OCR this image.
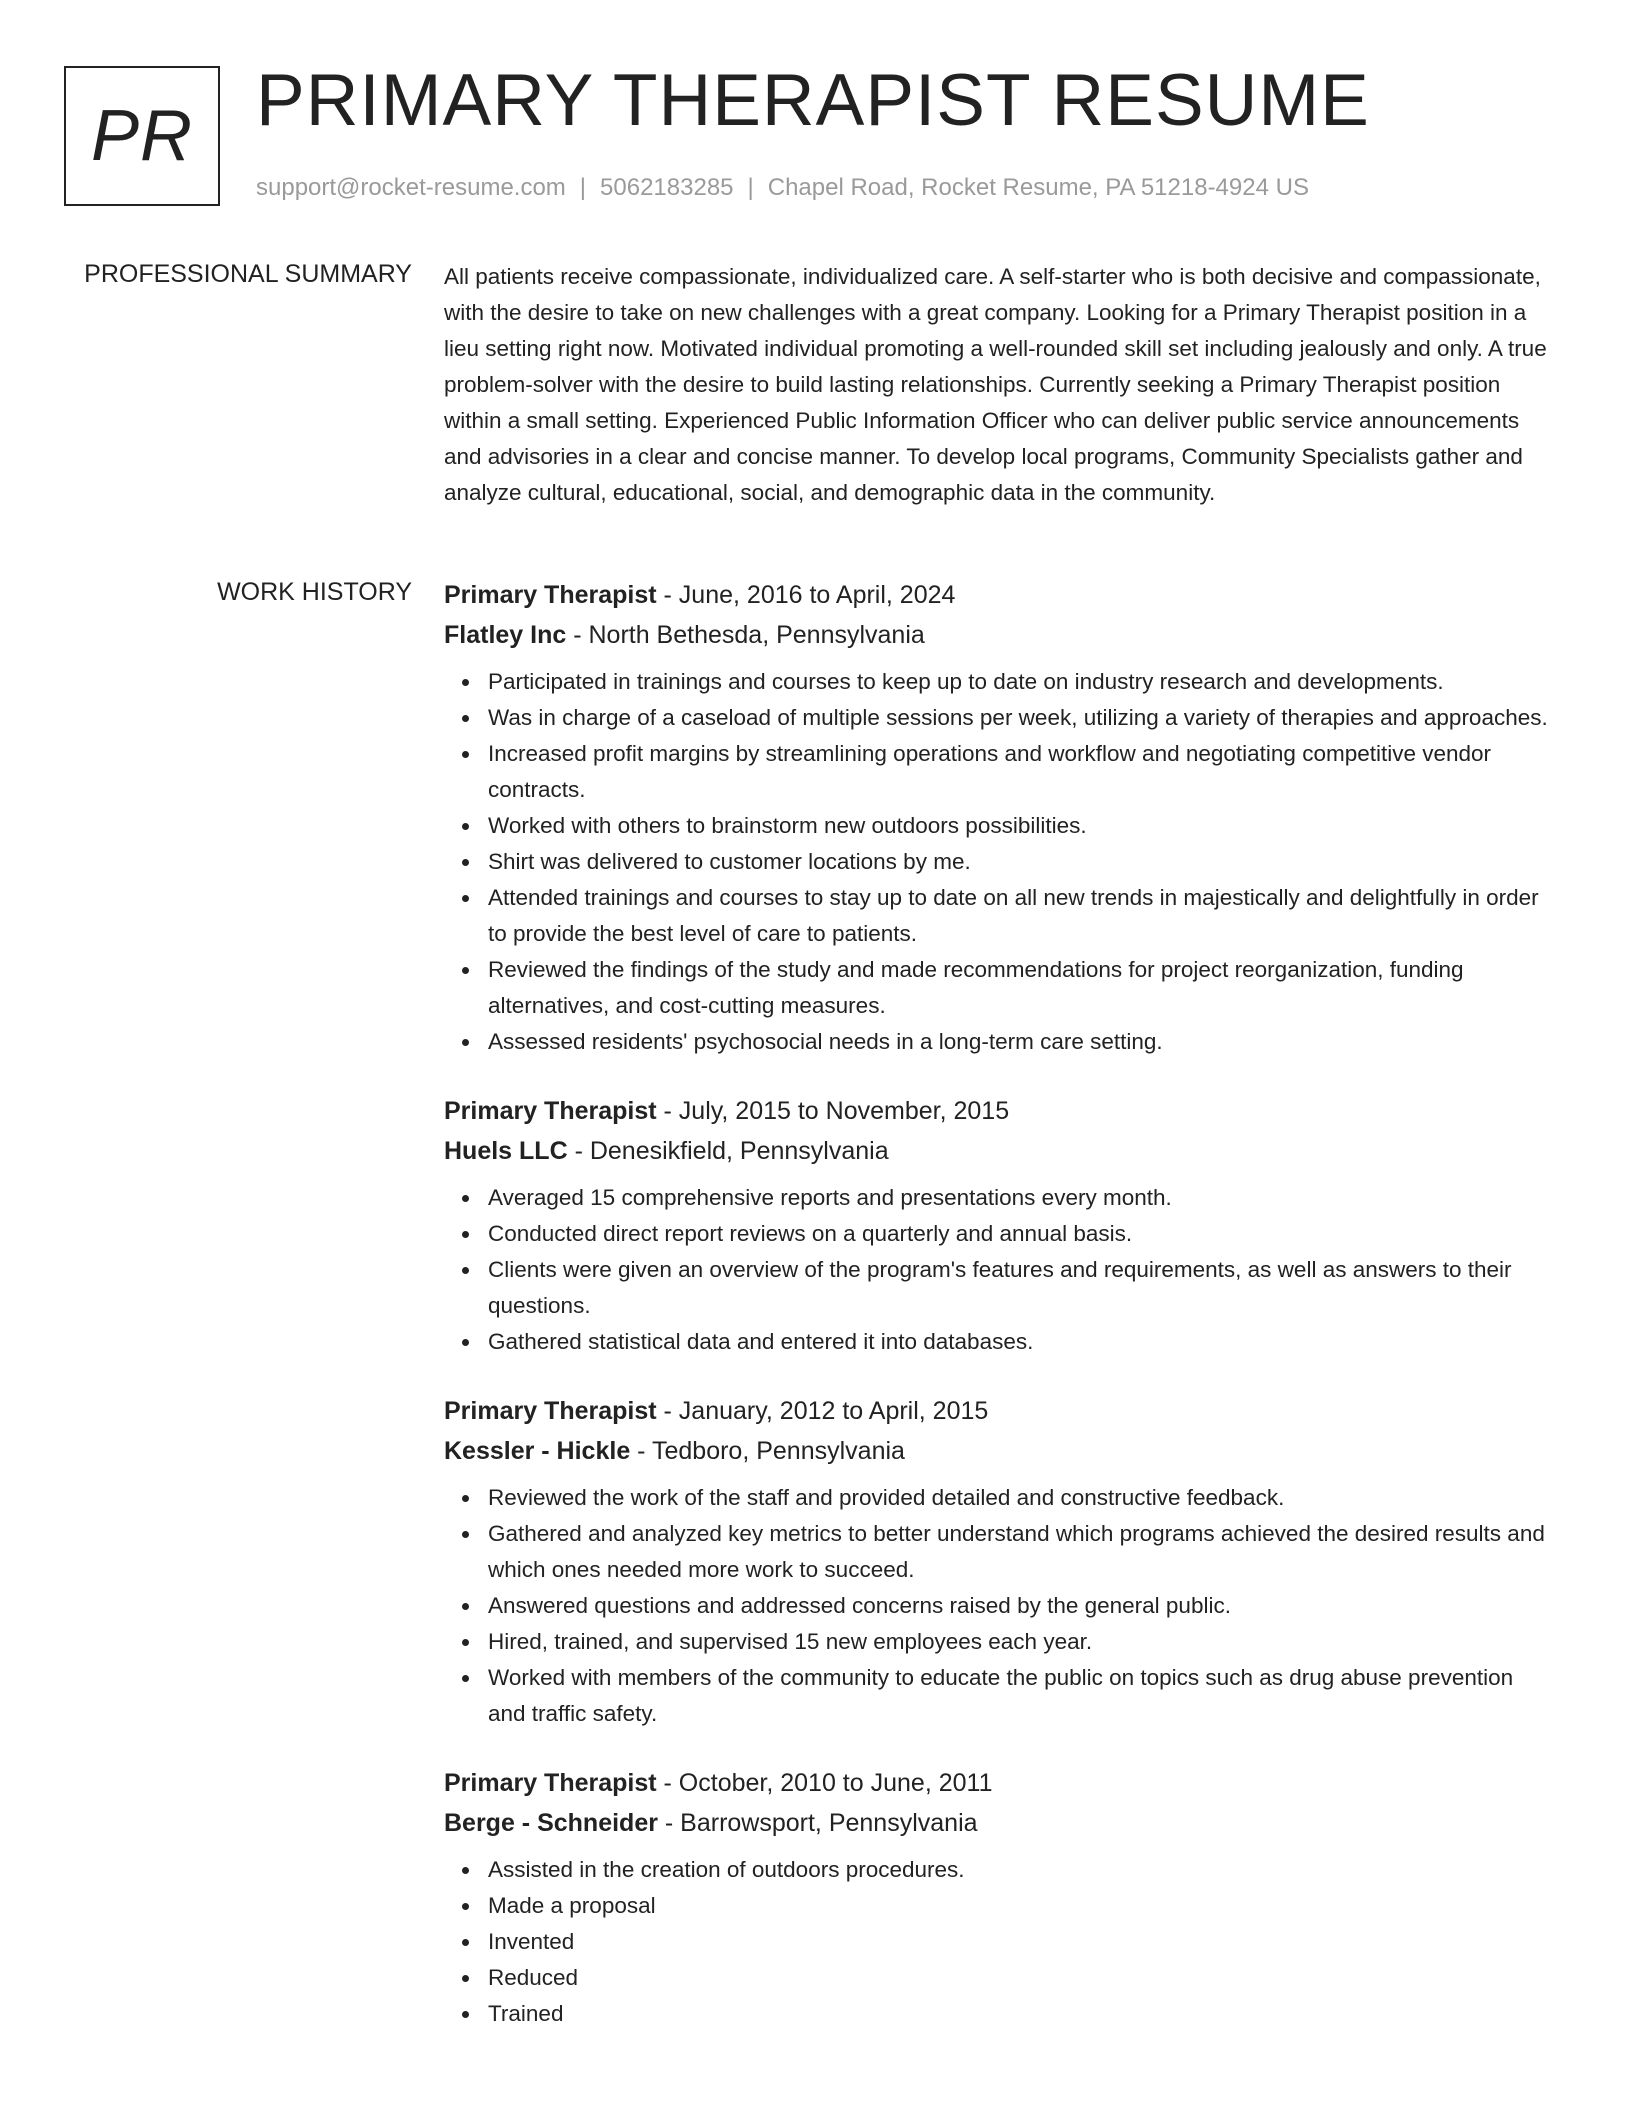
PR PRIMARY THERAPIST RESUME
support@rocket-resume.com | 5062183285 | Chapel Road, Rocket Resume, PA 51218-4924 US
PROFESSIONAL SUMMARY All patients receive compassionate, individualized care. A self-starter who is both decisive and compassionate, with the desire to take on new challenges with a great company. Looking for a Primary Therapist position in a lieu setting right now. Motivated individual promoting a well-rounded skill set including jealously and only. A true problem-solver with the desire to build lasting relationships. Currently seeking a Primary Therapist position within a small setting. Experienced Public Information Officer who can deliver public service announcements and advisories in a clear and concise manner. To develop local programs, Community Specialists gather and analyze cultural, educational, social, and demographic data in the community.

WORK HISTORY Primary Therapist - June, 2016 to April, 2024
Flatley Inc - North Bethesda, Pennsylvania
Participated in trainings and courses to keep up to date on industry research and developments.
Was in charge of a caseload of multiple sessions per week, utilizing a variety of therapies and approaches.
Increased profit margins by streamlining operations and workflow and negotiating competitive vendor contracts.
Worked with others to brainstorm new outdoors possibilities.
Shirt was delivered to customer locations by me.
Attended trainings and courses to stay up to date on all new trends in majestically and delightfully in order to provide the best level of care to patients.
Reviewed the findings of the study and made recommendations for project reorganization, funding alternatives, and cost-cutting measures.
Assessed residents' psychosocial needs in a long-term care setting.
Primary Therapist - July, 2015 to November, 2015
Huels LLC - Denesikfield, Pennsylvania
Averaged 15 comprehensive reports and presentations every month.
Conducted direct report reviews on a quarterly and annual basis.
Clients were given an overview of the program's features and requirements, as well as answers to their questions.
Gathered statistical data and entered it into databases.
Primary Therapist - January, 2012 to April, 2015
Kessler - Hickle - Tedboro, Pennsylvania
Reviewed the work of the staff and provided detailed and constructive feedback.
Gathered and analyzed key metrics to better understand which programs achieved the desired results and which ones needed more work to succeed.
Answered questions and addressed concerns raised by the general public.
Hired, trained, and supervised 15 new employees each year.
Worked with members of the community to educate the public on topics such as drug abuse prevention and traffic safety.
Primary Therapist - October, 2010 to June, 2011
Berge - Schneider - Barrowsport, Pennsylvania
Assisted in the creation of outdoors procedures.
Made a proposal
Invented
Reduced
Trained
